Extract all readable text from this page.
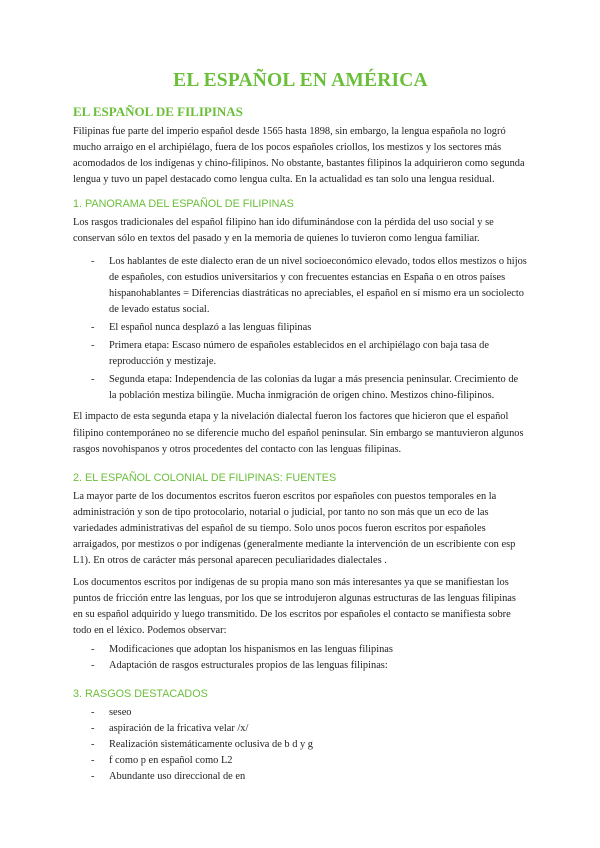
EL ESPAÑOL EN AMÉRICA
EL ESPAÑOL DE FILIPINAS

Filipinas fue parte del imperio español desde 1565 hasta 1898, sin embargo, la lengua española no logró mucho arraigo en el archipiélago, fuera de los pocos españoles criollos, los mestizos y los sectores más acomodados de los indígenas y chino-filipinos. No obstante, bastantes filipinos la adquirieron como segunda lengua y tuvo un papel destacado como lengua culta. En la actualidad es tan solo una lengua residual.

1. PANORAMA DEL ESPAÑOL DE FILIPINAS

Los rasgos tradicionales del español filipino han ido difuminándose con la pérdida del uso social y se conservan sólo en textos del pasado y en la memoria de quienes lo tuvieron como lengua familiar.

- Los hablantes de este dialecto eran de un nivel socioeconómico elevado, todos ellos mestizos o hijos de españoles, con estudios universitarios y con frecuentes estancias en España o en otros países hispanohablantes = Diferencias diastráticas no apreciables, el español en sí mismo era un sociolecto de levado estatus social.
- El español nunca desplazó a las lenguas filipinas
- Primera etapa: Escaso número de españoles establecidos en el archipiélago con baja tasa de reproducción y mestizaje.
- Segunda etapa: Independencia de las colonias da lugar a más presencia peninsular. Crecimiento de la población mestiza bilingüe. Mucha inmigración de origen chino. Mestizos chino-filipinos.

El impacto de esta segunda etapa y la nivelación dialectal fueron los factores que hicieron que el español filipino contemporáneo no se diferencie mucho del español peninsular. Sin embargo se mantuvieron algunos rasgos novohispanos y otros procedentes del contacto con las lenguas filipinas.

2. EL ESPAÑOL COLONIAL DE FILIPINAS: FUENTES

La mayor parte de los documentos escritos fueron escritos por españoles con puestos temporales en la administración y son de tipo protocolario, notarial o judicial, por tanto no son más que un eco de las variedades administrativas del español de su tiempo. Solo unos pocos fueron escritos por españoles arraigados, por mestizos o por indígenas (generalmente mediante la intervención de un escribiente con esp L1). En otros de carácter más personal aparecen peculiaridades dialectales .

Los documentos escritos por indígenas de su propia mano son más interesantes ya que se manifiestan los puntos de fricción entre las lenguas, por los que se introdujeron algunas estructuras de las lenguas filipinas en su español adquirido y luego transmitido. De los escritos por españoles el contacto se manifiesta sobre todo en el léxico. Podemos observar:

- Modificaciones que adoptan los hispanismos en las lenguas filipinas
- Adaptación de rasgos estructurales propios de las lenguas filipinas:
3. RASGOS DESTACADOS
- seseo
- aspiración de la fricativa velar /x/
- Realización sistemáticamente oclusiva de b d y g
- f como p en español como L2
- Abundante uso direccional de en
